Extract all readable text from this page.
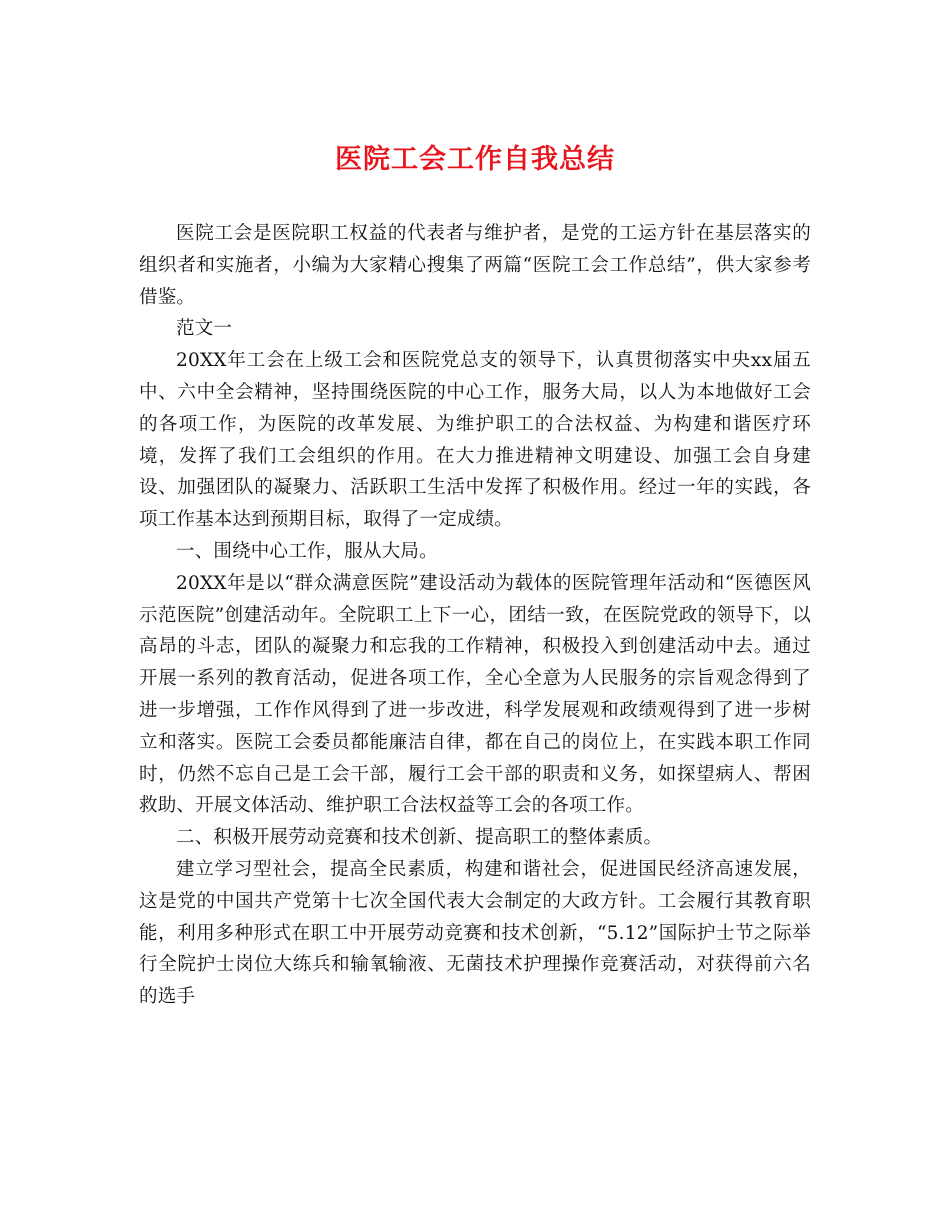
医院工会工作自我总结

医院工会是医院职工权益的代表者与维护者，是党的工运方针在基层落实的组织者和实施者，小编为大家精心搜集了两篇“医院工会工作总结”，供大家参考借鉴。

范文一

20XX年工会在上级工会和医院党总支的领导下，认真贯彻落实中央xx届五中、六中全会精神，坚持围绕医院的中心工作，服务大局，以人为本地做好工会的各项工作，为医院的改革发展、为维护职工的合法权益、为构建和谐医疗环境，发挥了我们工会组织的作用。在大力推进精神文明建设、加强工会自身建设、加强团队的凝聚力、活跃职工生活中发挥了积极作用。经过一年的实践，各项工作基本达到预期目标，取得了一定成绩。

一、围绕中心工作，服从大局。

20XX年是以“群众满意医院”建设活动为载体的医院管理年活动和“医德医风示范医院”创建活动年。全院职工上下一心，团结一致，在医院党政的领导下，以高昂的斗志，团队的凝聚力和忘我的工作精神，积极投入到创建活动中去。通过开展一系列的教育活动，促进各项工作，全心全意为人民服务的宗旨观念得到了进一步增强，工作作风得到了进一步改进，科学发展观和政绩观得到了进一步树立和落实。医院工会委员都能廉洁自律，都在自己的岗位上，在实践本职工作同时，仍然不忘自己是工会干部，履行工会干部的职责和义务，如探望病人、帮困救助、开展文体活动、维护职工合法权益等工会的各项工作。

二、积极开展劳动竞赛和技术创新、提高职工的整体素质。

建立学习型社会，提高全民素质，构建和谐社会，促进国民经济高速发展，这是党的中国共产党第十七次全国代表大会制定的大政方针。工会履行其教育职能，利用多种形式在职工中开展劳动竞赛和技术创新，“5.12”国际护士节之际举行全院护士岗位大练兵和输氧输液、无菌技术护理操作竞赛活动，对获得前六名的选手
